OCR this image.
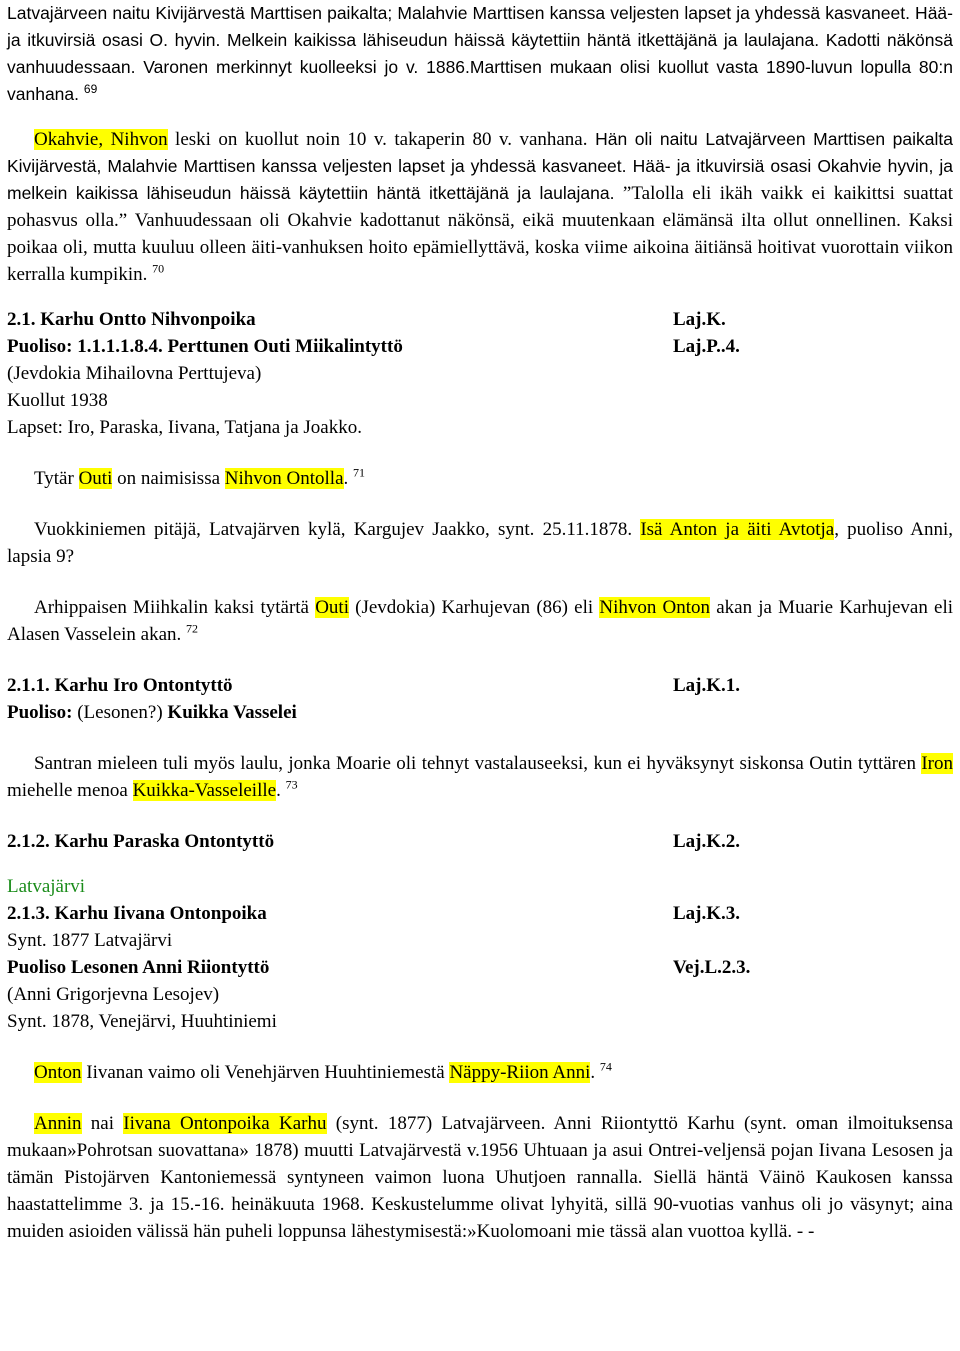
Latvajärveen naitu Kivijärvestä Marttisen paikalta; Malahvie Marttisen kanssa veljesten lapset ja yhdessä kasvaneet. Hää- ja itkuvirsiä osasi O. hyvin. Melkein kaikissa lähiseudun häissä käytettiin häntä itkettäjänä ja laulajana. Kadotti näkönsä vanhuudessaan. Varonen merkinnyt kuolleeksi jo v. 1886.Marttisen mukaan olisi kuollut vasta 1890-luvun lopulla 80:n vanhana. $^{69}$

Okahvie, Nihvon leski on kuollut noin 10 v. takaperin 80 v. vanhana. Hän oli naitu Latvajärveen Marttisen paikalta Kivijärvestä, Malahvie Marttisen kanssa veljesten lapset ja yhdessä kasvaneet. Hää- ja itkuvirsiä osasi Okahvie hyvin, ja melkein kaikissa lähiseudun häissä käytettiin häntä itkettäjänä ja laulajana. ”Talolla eli ikäh vaikk ei kaikittsi suattat pohasvus olla.” Vanhuudessaan oli Okahvie kadottanut näkönsä, eikä muutenkaan elämänsä ilta ollut onnellinen. Kaksi poikaa oli, mutta kuuluu olleen äiti-vanhuksen hoito epämiellyttävä, koska viime aikoina äitiänsä hoitivat vuorottain viikon kerralla kumpikin. $^{70}$

2.1. Karhu Ontto Nihvonpoika	Laj.K.
Puoliso: 1.1.1.1.8.4. Perttunen Outi Miikalintyttö	Laj.P..4.
(Jevdokia Mihailovna Perttujeva)
Kuollut 1938
Lapset: Iro, Paraska, Iivana, Tatjana ja Joakko.

Tytär Outi on naimisissa Nihvon Ontolla. $^{71}$

Vuokkiniemen pitäjä, Latvajärven kylä, Kargujev Jaakko, synt. 25.11.1878. Isä Anton ja äiti Avtotja, puoliso Anni, lapsia 9?

Arhippaisen Miihkalin kaksi tytärtä Outi (Jevdokia) Karhujevan (86) eli Nihvon Onton akan ja Muarie Karhujevan eli Alasen Vasselein akan. $^{72}$

2.1.1. Karhu Iro Ontontyttö	Laj.K.1.
Puoliso: (Lesonen?) Kuikka Vasselei

Santran mieleen tuli myös laulu, jonka Moarie oli tehnyt vastalauseeksi, kun ei hyväksynyt siskonsa Outin tyttären Iron miehelle menoa Kuikka-Vasseleille. $^{73}$

2.1.2. Karhu Paraska Ontontyttö	Laj.K.2.
Latvajärvi
2.1.3. Karhu Iivana Ontonpoika	Laj.K.3.
Synt. 1877 Latvajärvi
Puoliso Lesonen Anni Riiontyttö	Vej.L.2.3.
(Anni Grigorjevna Lesojev)
Synt. 1878, Venejärvi, Huuhtiniemi

Onton Iivanan vaimo oli Venehjärven Huuhtiniemestä Näppy-Riion Anni. $^{74}$

Annin nai Iivana Ontonpoika Karhu (synt. 1877) Latvajärveen. Anni Riiontyttö Karhu (synt. oman ilmoituksensa mukaan»Pohrotsan suovattana» 1878) muutti Latvajärvestä v.1956 Uhtuaan ja asui Ontrei-veljensä pojan Iivana Lesosen ja tämän Pistojärven Kantoniemessä syntyneen vaimon luona Uhutjoen rannalla. Siellä häntä Väinö Kaukosen kanssa haastattelimme 3. ja 15.-16. heinäkuuta 1968. Keskustelumme olivat lyhyitä, sillä 90-vuotias vanhus oli jo väsynyt; aina muiden asioiden välissä hän puheli loppunsa lähestymisestä:»Kuolomoani mie tässä alan vuottoa kyllä. - -
